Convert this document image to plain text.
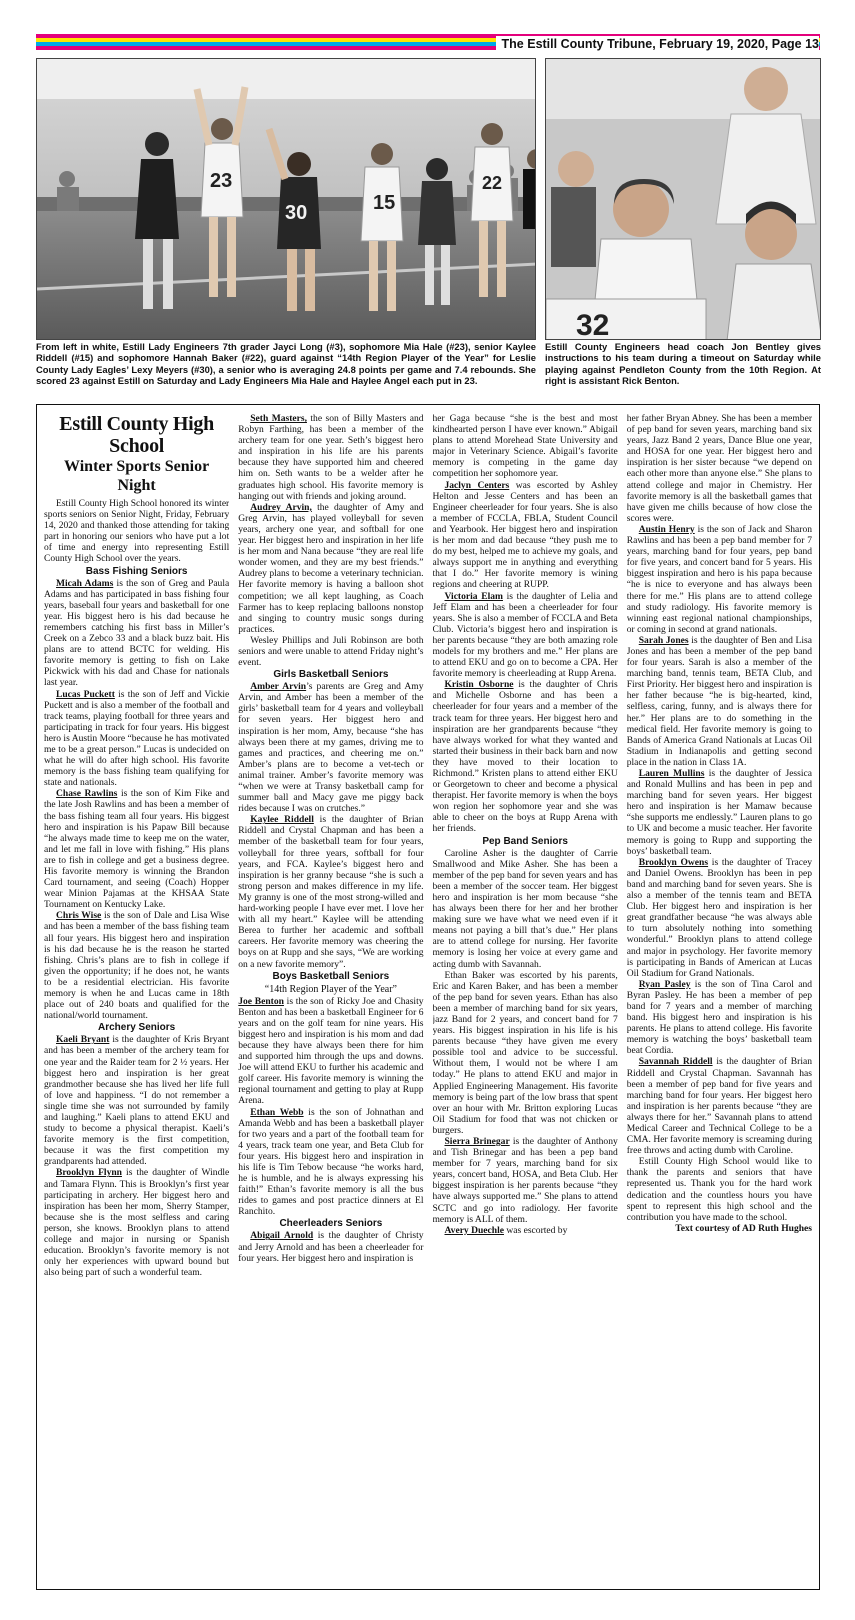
The Estill County Tribune, February 19, 2020, Page 13
23
30	15
22
32
From left in white, Estill Lady Engineers 7th grader Jayci Long (#3), sophomore Mia Hale (#23), senior Kaylee Riddell (#15) and sophomore Hannah Baker (#22), guard against “14th Region Player of the Year” for Leslie County Lady Eagles’ Lexy Meyers (#30), a senior who is averaging 24.8 points per game and 7.4 rebounds. She scored 23 against Estill on Saturday and Lady Engineers Mia Hale and Haylee Angel each put in 23.
Estill County Engineers head coach Jon Bentley gives instructions to his team during a timeout on Saturday while playing against Pendleton County from the 10th Region. At right is assistant Rick Benton.
Estill County High School
Winter Sports Senior Night

Estill County High School honored its winter sports seniors on Senior Night, Friday, February 14, 2020 and thanked those attending for taking part in honoring our seniors who have put a lot of time and energy into representing Estill County High School over the years.

Bass Fishing Seniors

Micah Adams is the son of Greg and Paula Adams and has participated in bass fishing four years, baseball four years and basketball for one year. His biggest hero is his dad because he remembers catching his first bass in Miller’s Creek on a Zebco 33 and a black buzz bait. His plans are to attend BCTC for welding. His favorite memory is getting to fish on Lake Pickwick with his dad and Chase for nationals last year.

Lucas Puckett is the son of Jeff and Vickie Puckett and is also a member of the football and track teams, playing football for three years and participating in track for four years. His biggest hero is Austin Moore “because he has motivated me to be a great person.” Lucas is undecided on what he will do after high school. His favorite memory is the bass fishing team qualifying for state and nationals.

Chase Rawlins is the son of Kim Fike and the late Josh Rawlins and has been a member of the bass fishing team all four years. His biggest hero and inspiration is his Papaw Bill because “he always made time to keep me on the water, and let me fall in love with fishing.” His plans are to fish in college and get a business degree. His favorite memory is winning the Brandon Card tournament, and seeing (Coach) Hopper wear Minion Pajamas at the KHSAA State Tournament on Kentucky Lake.

Chris Wise is the son of Dale and Lisa Wise and has been a member of the bass fishing team all four years. His biggest hero and inspiration is his dad because he is the reason he started fishing. Chris’s plans are to fish in college if given the opportunity; if he does not, he wants to be a residential electrician. His favorite memory is when he and Lucas came in 18th place out of 240 boats and qualified for the national/world tournament.

Archery Seniors

Kaeli Bryant is the daughter of Kris Bryant and has been a member of the archery team for one year and the Raider team for 2 ½ years. Her biggest hero and inspiration is her great grandmother because she has lived her life full of love and happiness. “I do not remember a single time she was not surrounded by family and laughing.” Kaeli plans to attend EKU and study to become a physical therapist. Kaeli’s favorite memory is the first competition, because it was the first competition my grandparents had attended.

Brooklyn Flynn is the daughter of Windle and Tamara Flynn. This is Brooklyn’s first year participating in archery. Her biggest hero and inspiration has been her mom, Sherry Stamper, because she is the most selfless and caring person, she knows. Brooklyn plans to attend college and major in nursing or Spanish education. Brooklyn’s favorite memory is not only her experiences with upward bound but also being part of such a wonderful team.

Seth Masters, the son of Billy Masters and Robyn Farthing, has been a member of the archery team for one year. Seth’s biggest hero and inspiration in his life are his parents because they have supported him and cheered him on. Seth wants to be a welder after he graduates high school. His favorite memory is hanging out with friends and joking around.

Audrey Arvin, the daughter of Amy and Greg Arvin, has played volleyball for seven years, archery one year, and softball for one year. Her biggest hero and inspiration in her life is her mom and Nana because “they are real life wonder women, and they are my best friends.” Audrey plans to become a veterinary technician. Her favorite memory is having a balloon shot competition; we all kept laughing, as Coach Farmer has to keep replacing balloons nonstop and singing to country music songs during practices.

Wesley Phillips and Juli Robinson are both seniors and were unable to attend Friday night’s event.

Girls Basketball Seniors

Amber Arvin’s parents are Greg and Amy Arvin, and Amber has been a member of the girls’ basketball team for 4 years and volleyball for seven years. Her biggest hero and inspiration is her mom, Amy, because “she has always been there at my games, driving me to games and practices, and cheering me on.” Amber’s plans are to become a vet-tech or animal trainer. Amber’s favorite memory was “when we were at Transy basketball camp for summer ball and Macy gave me piggy back rides because I was on crutches.”

Kaylee Riddell is the daughter of Brian Riddell and Crystal Chapman and has been a member of the basketball team for four years, volleyball for three years, softball for four years, and FCA. Kaylee’s biggest hero and inspiration is her granny because “she is such a strong person and makes difference in my life. My granny is one of the most strong-willed and hard-working people I have ever met. I love her with all my heart.” Kaylee will be attending Berea to further her academic and softball careers. Her favorite memory was cheering the boys on at Rupp and she says, “We are working on a new favorite memory”.

Boys Basketball Seniors
“14th Region Player of the Year”

Joe Benton is the son of Ricky Joe and Chasity Benton and has been a basketball Engineer for 6 years and on the golf team for nine years. His biggest hero and inspiration is his mom and dad because they have always been there for him and supported him through the ups and downs. Joe will attend EKU to further his academic and golf career. His favorite memory is winning the regional tournament and getting to play at Rupp Arena.

Ethan Webb is the son of Johnathan and Amanda Webb and has been a basketball player for two years and a part of the football team for 4 years, track team one year, and Beta Club for four years. His biggest hero and inspiration in his life is Tim Tebow because “he works hard, he is humble, and he is always expressing his faith!” Ethan’s favorite memory is all the bus rides to games and post practice dinners at El Ranchito.

Cheerleaders Seniors

Abigail Arnold is the daughter of Christy and Jerry Arnold and has been a cheerleader for four years. Her biggest hero and inspiration is

her Gaga because “she is the best and most kindhearted person I have ever known.” Abigail plans to attend Morehead State University and major in Veterinary Science. Abigail’s favorite memory is competing in the game day competition her sophomore year.

Jaclyn Centers was escorted by Ashley Helton and Jesse Centers and has been an Engineer cheerleader for four years. She is also a member of FCCLA, FBLA, Student Council and Yearbook. Her biggest hero and inspiration is her mom and dad because “they push me to do my best, helped me to achieve my goals, and always support me in anything and everything that I do.” Her favorite memory is wining regions and cheering at RUPP.

Victoria Elam is the daughter of Lelia and Jeff Elam and has been a cheerleader for four years. She is also a member of FCCLA and Beta Club. Victoria’s biggest hero and inspiration is her parents because “they are both amazing role models for my brothers and me.” Her plans are to attend EKU and go on to become a CPA. Her favorite memory is cheerleading at Rupp Arena.

Kristin Osborne is the daughter of Chris and Michelle Osborne and has been a cheerleader for four years and a member of the track team for three years. Her biggest hero and inspiration are her grandparents because “they have always worked for what they wanted and started their business in their back barn and now they have moved to their location to Richmond.” Kristen plans to attend either EKU or Georgetown to cheer and become a physical therapist. Her favorite memory is when the boys won region her sophomore year and she was able to cheer on the boys at Rupp Arena with her friends.

Pep Band Seniors

Caroline Asher is the daughter of Carrie Smallwood and Mike Asher. She has been a member of the pep band for seven years and has been a member of the soccer team. Her biggest hero and inspiration is her mom because “she has always been there for her and her brother making sure we have what we need even if it means not paying a bill that’s due.” Her plans are to attend college for nursing. Her favorite memory is losing her voice at every game and acting dumb with Savannah.

Ethan Baker was escorted by his parents, Eric and Karen Baker, and has been a member of the pep band for seven years. Ethan has also been a member of marching band for six years, jazz Band for 2 years, and concert band for 7 years. His biggest inspiration in his life is his parents because “they have given me every possible tool and advice to be successful. Without them, I would not be where I am today.” He plans to attend EKU and major in Applied Engineering Management. His favorite memory is being part of the low brass that spent over an hour with Mr. Britton exploring Lucas Oil Stadium for food that was not chicken or burgers.

Sierra Brinegar is the daughter of Anthony and Tish Brinegar and has been a pep band member for 7 years, marching band for six years, concert band, HOSA, and Beta Club. Her biggest inspiration is her parents because “they have always supported me.” She plans to attend SCTC and go into radiology. Her favorite memory is ALL of them.

Avery Duechle was escorted by

her father Bryan Abney. She has been a member of pep band for seven years, marching band six years, Jazz Band 2 years, Dance Blue one year, and HOSA for one year. Her biggest hero and inspiration is her sister because “we depend on each other more than anyone else.” She plans to attend college and major in Chemistry. Her favorite memory is all the basketball games that have given me chills because of how close the scores were.

Austin Henry is the son of Jack and Sharon Rawlins and has been a pep band member for 7 years, marching band for four years, pep band for five years, and concert band for 5 years. His biggest inspiration and hero is his papa because “he is nice to everyone and has always been there for me.” His plans are to attend college and study radiology. His favorite memory is winning east regional national championships, or coming in second at grand nationals.

Sarah Jones is the daughter of Ben and Lisa Jones and has been a member of the pep band for four years. Sarah is also a member of the marching band, tennis team, BETA Club, and First Priority. Her biggest hero and inspiration is her father because “he is big-hearted, kind, selfless, caring, funny, and is always there for her.” Her plans are to do something in the medical field. Her favorite memory is going to Bands of America Grand Nationals at Lucas Oil Stadium in Indianapolis and getting second place in the nation in Class 1A.

Lauren Mullins is the daughter of Jessica and Ronald Mullins and has been in pep and marching band for seven years. Her biggest hero and inspiration is her Mamaw because “she supports me endlessly.” Lauren plans to go to UK and become a music teacher. Her favorite memory is going to Rupp and supporting the boys’ basketball team.

Brooklyn Owens is the daughter of Tracey and Daniel Owens. Brooklyn has been in pep band and marching band for seven years. She is also a member of the tennis team and BETA Club. Her biggest hero and inspiration is her great grandfather because “he was always able to turn absolutely nothing into something wonderful.” Brooklyn plans to attend college and major in psychology. Her favorite memory is participating in Bands of American at Lucas Oil Stadium for Grand Nationals.

Ryan Pasley is the son of Tina Carol and Byran Pasley. He has been a member of pep band for 7 years and a member of marching band. His biggest hero and inspiration is his parents. He plans to attend college. His favorite memory is watching the boys’ basketball team beat Cordia.

Savannah Riddell is the daughter of Brian Riddell and Crystal Chapman. Savannah has been a member of pep band for five years and marching band for four years. Her biggest hero and inspiration is her parents because “they are always there for her.” Savannah plans to attend Medical Career and Technical College to be a CMA. Her favorite memory is screaming during free throws and acting dumb with Caroline.

Estill County High School would like to thank the parents and seniors that have represented us. Thank you for the hard work dedication and the countless hours you have spent to represent this high school and the contribution you have made to the school.

Text courtesy of AD Ruth Hughes
